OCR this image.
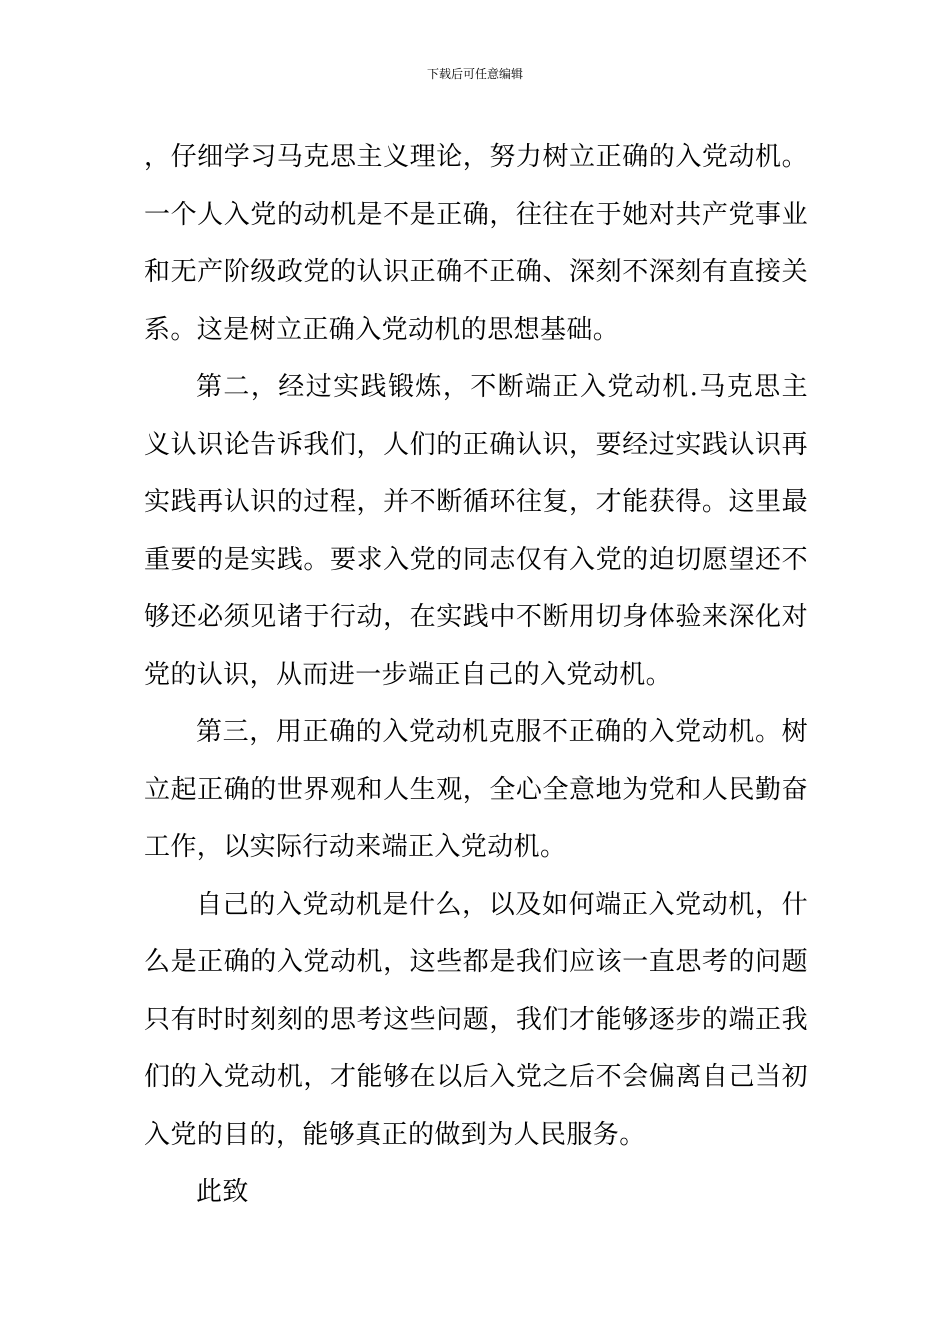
下载后可任意编辑

，仔细学习马克思主义理论，努力树立正确的入党动机。一个人入党的动机是不是正确，往往在于她对共产党事业和无产阶级政党的认识正确不正确、深刻不深刻有直接关系。这是树立正确入党动机的思想基础。

第二，经过实践锻炼，不断端正入党动机.马克思主义认识论告诉我们，人们的正确认识，要经过实践认识再实践再认识的过程，并不断循环往复，才能获得。这里最重要的是实践。要求入党的同志仅有入党的迫切愿望还不够还必须见诸于行动，在实践中不断用切身体验来深化对党的认识，从而进一步端正自己的入党动机。

第三，用正确的入党动机克服不正确的入党动机。树立起正确的世界观和人生观，全心全意地为党和人民勤奋工作，以实际行动来端正入党动机。

自己的入党动机是什么，以及如何端正入党动机，什么是正确的入党动机，这些都是我们应该一直思考的问题只有时时刻刻的思考这些问题，我们才能够逐步的端正我们的入党动机，才能够在以后入党之后不会偏离自己当初入党的目的，能够真正的做到为人民服务。

此致
